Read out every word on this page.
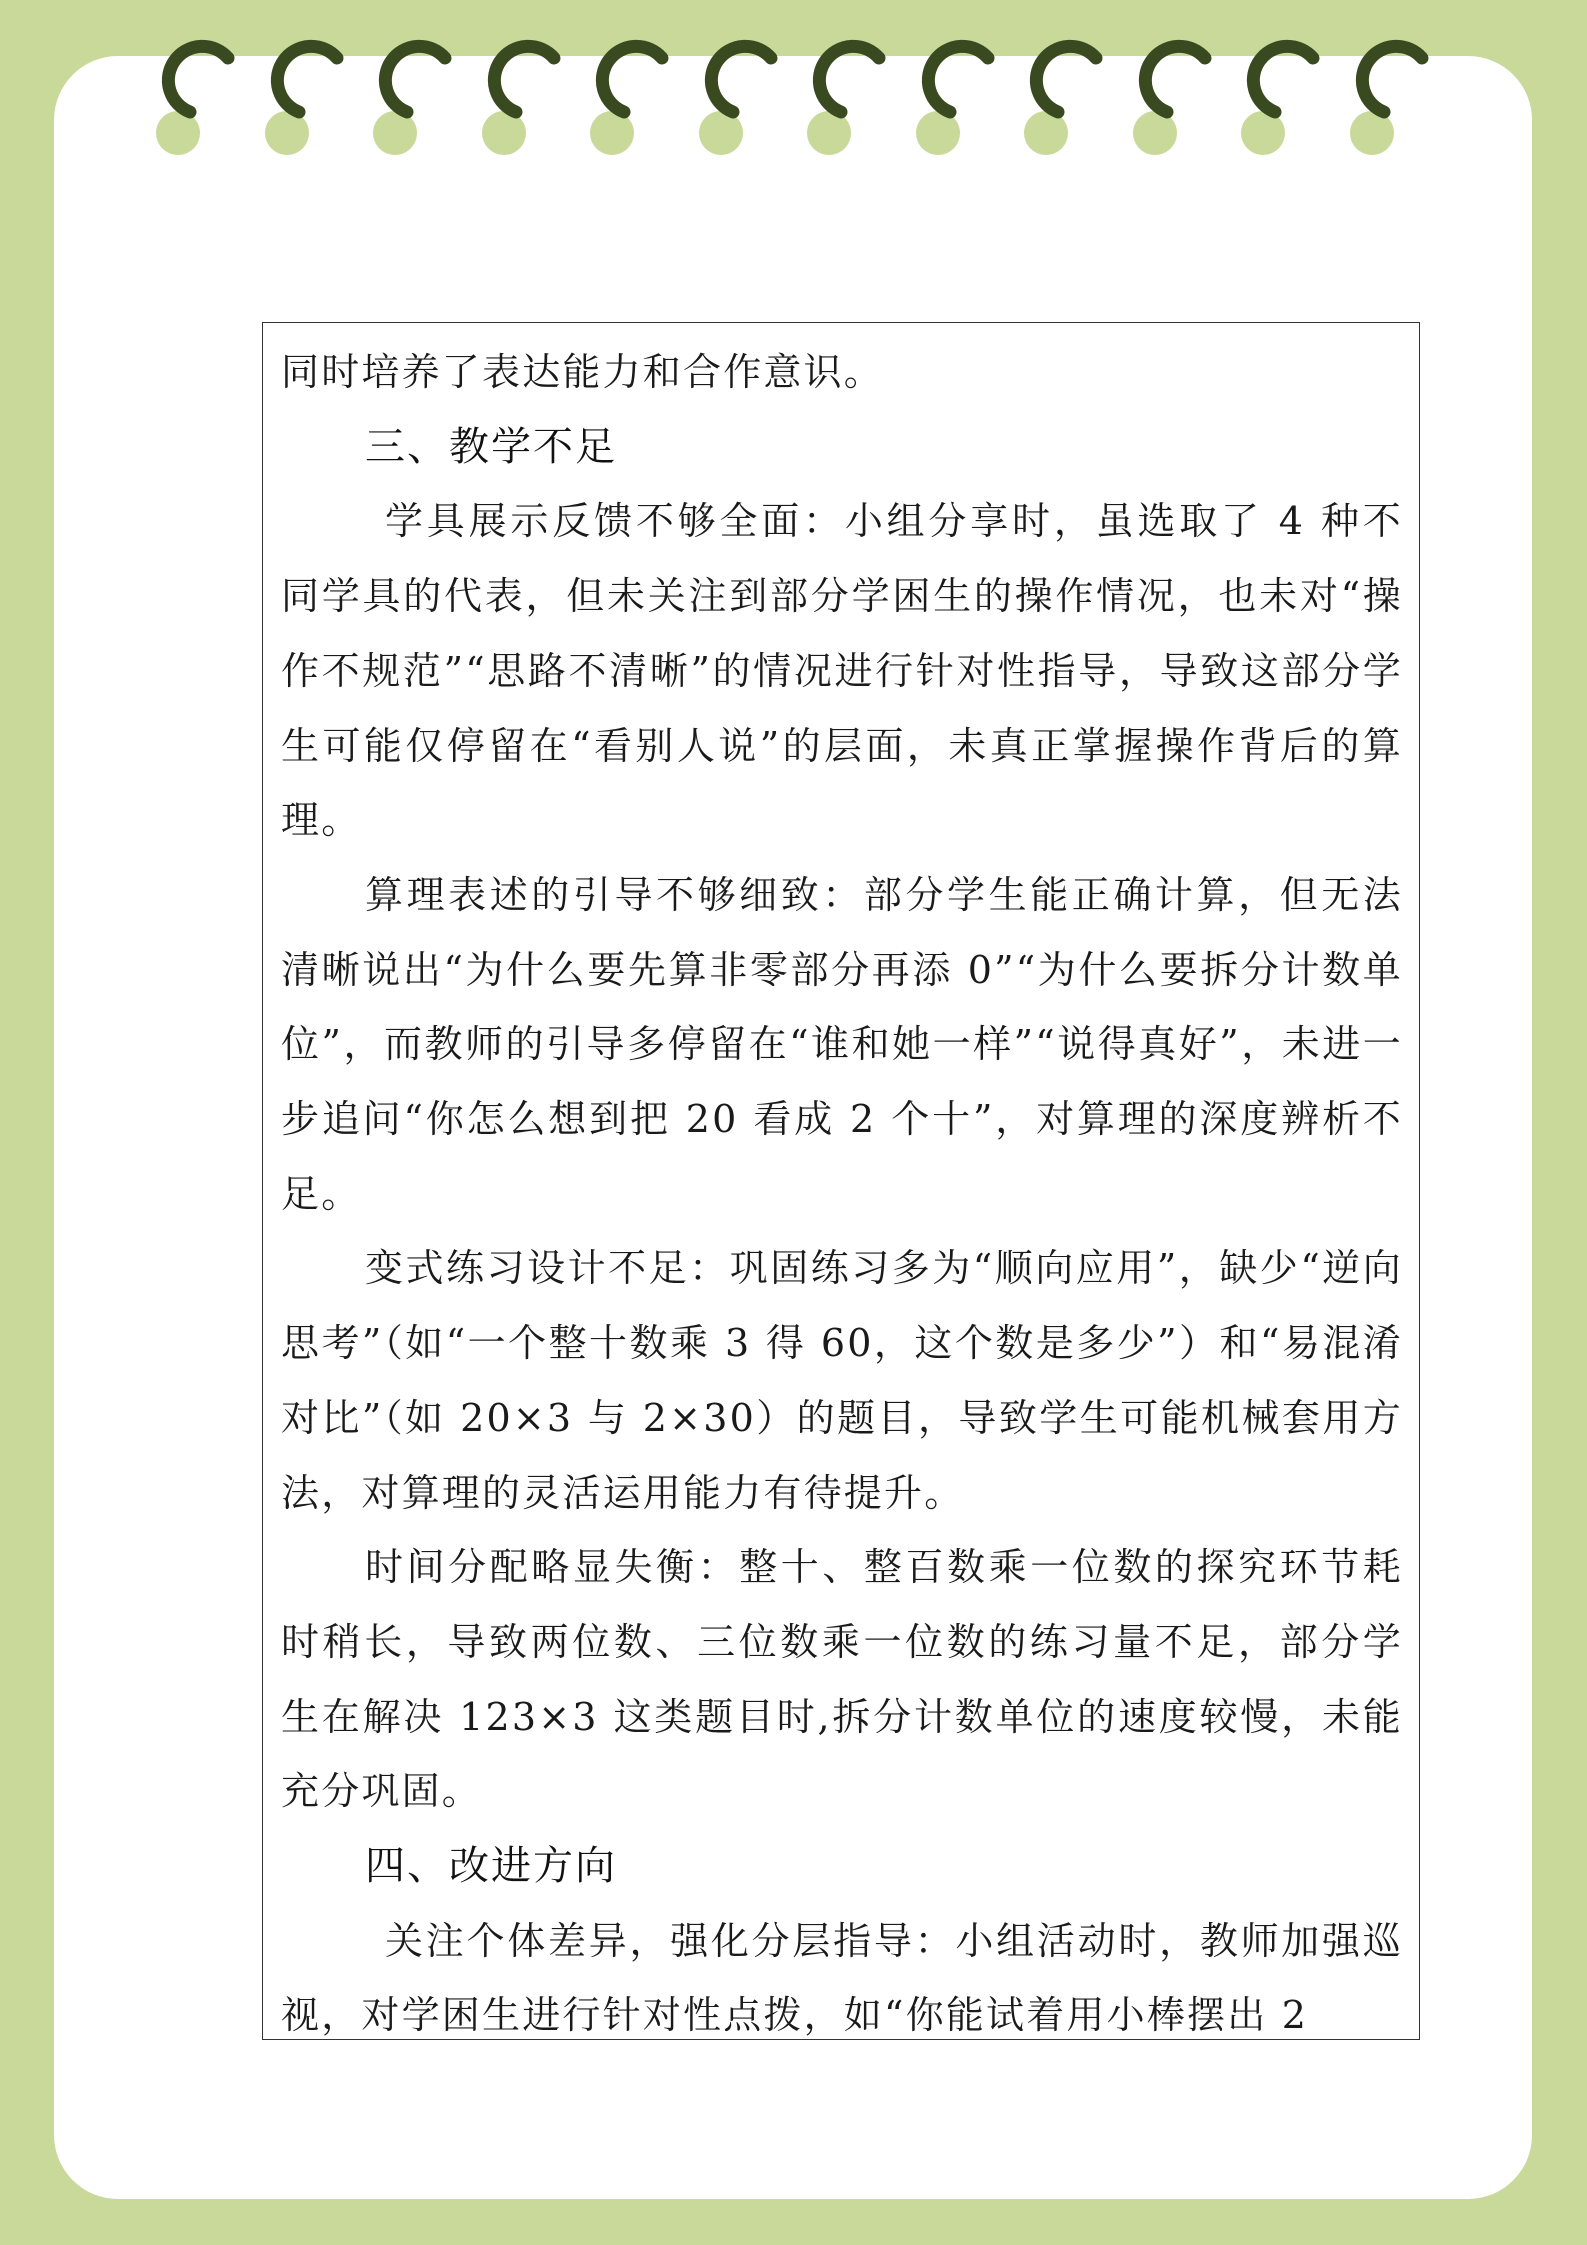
同时培养了表达能力和合作意识。

三、教学不足

学具展示反馈不够全面：小组分享时，虽选取了 4 种不同学具的代表，但未关注到部分学困生的操作情况，也未对“操作不规范”“思路不清晰”的情况进行针对性指导，导致这部分学生可能仅停留在“看别人说”的层面，未真正掌握操作背后的算理。

算理表述的引导不够细致：部分学生能正确计算，但无法清晰说出“为什么要先算非零部分再添 0”“为什么要拆分计数单位”，而教师的引导多停留在“谁和她一样”“说得真好”，未进一步追问“你怎么想到把 20 看成 2 个十”，对算理的深度辨析不足。

变式练习设计不足：巩固练习多为“顺向应用”，缺少“逆向思考”（如“一个整十数乘 3 得 60，这个数是多少”）和“易混淆对比”（如 20×3 与 2×30）的题目，导致学生可能机械套用方法，对算理的灵活运用能力有待提升。

时间分配略显失衡：整十、整百数乘一位数的探究环节耗时稍长，导致两位数、三位数乘一位数的练习量不足，部分学生在解决 123×3 这类题目时,拆分计数单位的速度较慢，未能充分巩固。

四、改进方向

关注个体差异，强化分层指导：小组活动时，教师加强巡视，对学困生进行针对性点拨，如“你能试着用小棒摆出 2
